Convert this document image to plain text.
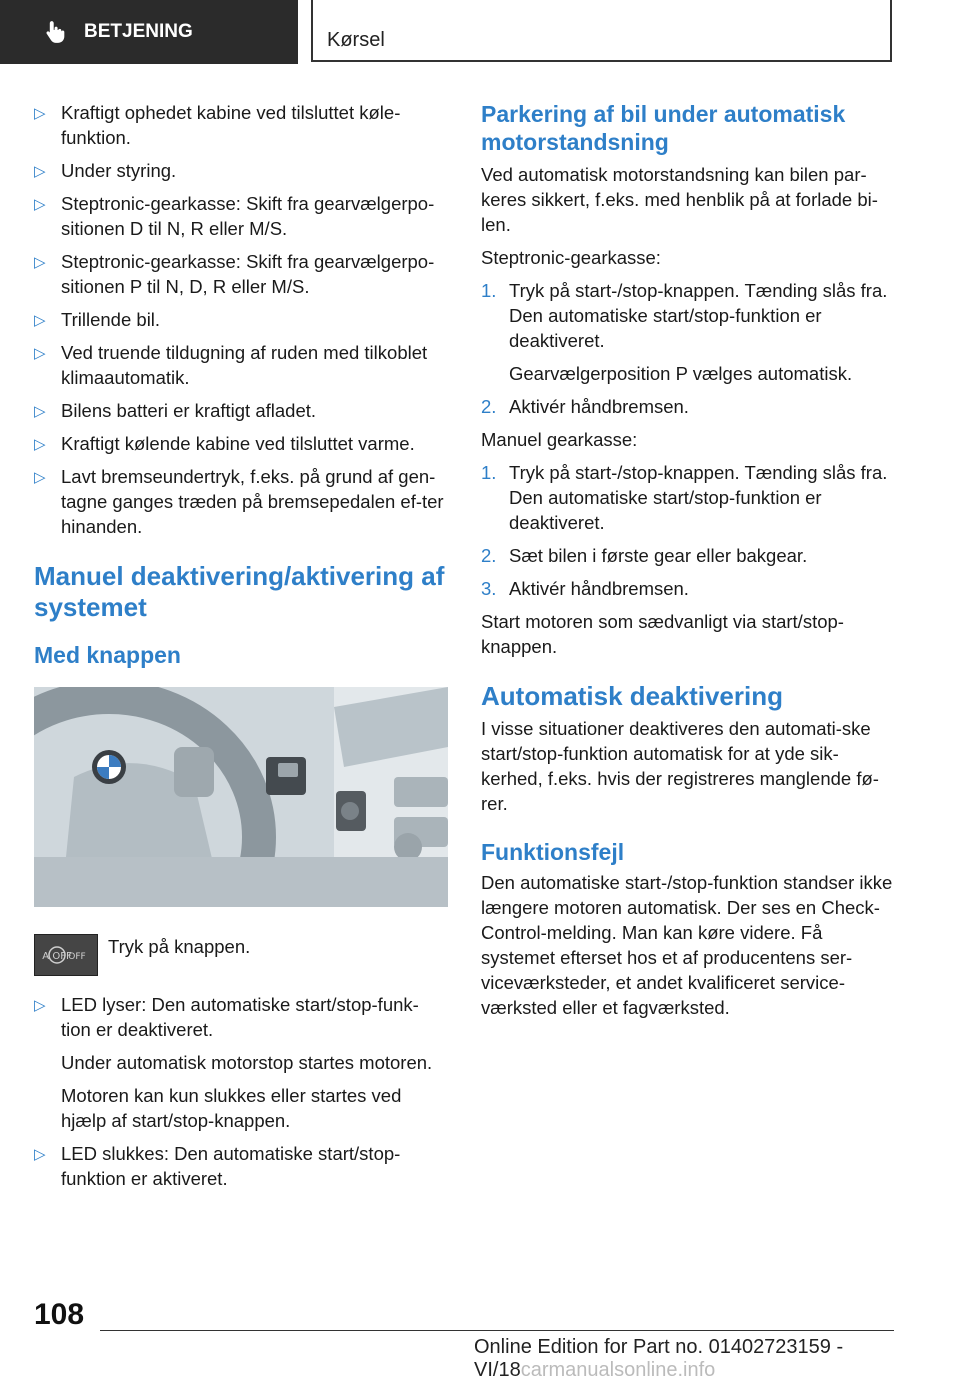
BETJENING	Kørsel
▷ Kraftigt ophedet kabine ved tilsluttet køle-funktion.
▷ Under styring.
▷ Steptronic-gearkasse: Skift fra gearvælgerpo-sitionen D til N, R eller M/S.
▷ Steptronic-gearkasse: Skift fra gearvælgerpo-sitionen P til N, D, R eller M/S.
▷ Trillende bil.
▷ Ved truende tildugning af ruden med tilkoblet klimaautomatik.
▷ Bilens batteri er kraftigt afladet.
▷ Kraftigt kølende kabine ved tilsluttet varme.
▷ Lavt bremseundertryk, f.eks. på grund af gen-tagne ganges træden på bremsepedalen ef-ter hinanden.
Manuel deaktivering/aktivering af systemet
Med knappen
A OFF
OFF Tryk på knappen.
▷ LED lyser: Den automatiske start/stop-funk-tion er deaktiveret.
Under automatisk motorstop startes motoren.
Motoren kan kun slukkes eller startes ved hjælp af start/stop-knappen.
▷ LED slukkes: Den automatiske start/stop-funktion er aktiveret.
Parkering af bil under automatisk motorstandsning

Ved automatisk motorstandsning kan bilen par-keres sikkert, f.eks. med henblik på at forlade bi-len.

Steptronic-gearkasse:

1. Tryk på start-/stop-knappen. Tænding slås fra. Den automatiske start/stop-funktion er deaktiveret.
Gearvælgerposition P vælges automatisk.
2. Aktivér håndbremsen.

Manuel gearkasse:

1. Tryk på start-/stop-knappen. Tænding slås fra. Den automatiske start/stop-funktion er deaktiveret.
2. Sæt bilen i første gear eller bakgear.
3. Aktivér håndbremsen.

Start motoren som sædvanligt via start/stop-knappen.

Automatisk deaktivering

I visse situationer deaktiveres den automati-ske start/stop-funktion automatisk for at yde sik-kerhed, f.eks. hvis der registreres manglende fø-rer.

Funktionsfejl

Den automatiske start-/stop-funktion standser ikke længere motoren automatisk. Der ses en Check-Control-melding. Man kan køre videre. Få systemet efterset hos et af producentens ser-viceværksteder, et andet kvalificeret service-værksted eller et fagværksted.

108
Online Edition for Part no. 01402723159 - VI/18carmanualsonline.info
